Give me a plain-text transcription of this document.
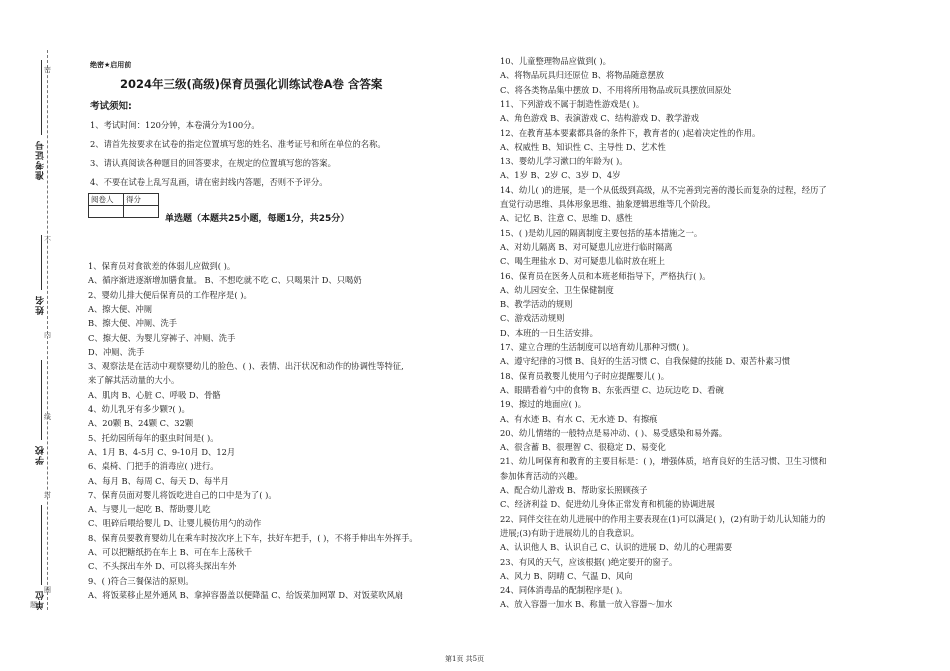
准考证号
姓名
学校
单位
密
不
内
线
封
圈
题
绝密★启用前
2024年三级(高级)保育员强化训练试卷A卷 含答案
考试须知:
1、考试时间：120分钟，本卷满分为100分。
2、请首先按要求在试卷的指定位置填写您的姓名、准考证号和所在单位的名称。
3、请认真阅读各种题目的回答要求，在规定的位置填写您的答案。
4、不要在试卷上乱写乱画，请在密封线内答题，否则不予评分。
阅卷人	得分

单选题（本题共25小题，每题1分，共25分）
1、保育员对食欲差的体弱儿应做到( )。
A、循序渐进逐渐增加膳食量。 B、不想吃就不吃 C、只喝果汁 D、只喝奶
2、婴幼儿排大便后保育员的工作程序是( )。
A、擦大便、冲厕
B、擦大便、冲厕、洗手
C、擦大便、为婴儿穿裤子、冲厕、洗手
D、冲厕、洗手
3、观察法是在活动中观察婴幼儿的脸色、( )、表情、出汗状况和动作的协调性等特征,
来了解其活动量的大小。
A、肌肉 B、心脏 C、呼吸 D、骨骼
4、幼儿乳牙有多少颗?( )。
A、20颗 B、24颗 C、32颗
5、托幼园所每年的驱虫时间是( )。
A、1月 B、4-5月 C、9-10月 D、12月
6、桌椅、门把手的消毒应( )进行。
A、每月 B、每周 C、每天 D、每半月
7、保育员面对婴儿将饭吃进自己的口中是为了( )。
A、与婴儿一起吃 B、帮助婴儿吃
C、咀碎后喂给婴儿 D、让婴儿模仿用勺的动作
8、保育员要教育婴幼儿在乘车时按次序上下车，扶好车把手，( )，不将手伸出车外挥手。
A、可以把糖纸扔在车上 B、可在车上荡秋千
C、不头探出车外 D、可以将头探出车外
9、( )符合三餐保洁的原则。
A、将饭菜移止屋外通风 B、拿掉容器盖以便降温 C、给饭菜加网罩 D、对饭菜吹风扇
10、儿童整理物品应做到( )。
A、将物品玩具归还原位 B、将物品随意摆放
C、将各类物品集中摆放 D、不用将所用物品或玩具摆放回原处
11、下列游戏不属于制造性游戏是( )。
A、角色游戏 B、表演游戏 C、结构游戏 D、教学游戏
12、在教育基本要素都具备的条件下，教育者的( )起着决定性的作用。
A、权威性 B、知识性 C、主导性 D、艺术性
13、婴幼儿学习漱口的年龄为( )。
A、1岁 B、2岁 C、3岁 D、4岁
14、幼儿( )的进展，是一个从低级到高级，从不完善到完善的漫长而复杂的过程，经历了
直觉行动思维、具体形象思维、抽象逻辑思维等几个阶段。
A、记忆 B、注意 C、思维 D、感性
15、( )是幼儿园的隔离制度主要包括的基本措施之一。
A、对幼儿隔离 B、对可疑患儿应进行临时隔离
C、喝生理盐水 D、对可疑患儿临时放在班上
16、保育员在医务人员和本班老师指导下，严格执行( )。
A、幼儿园安全、卫生保健制度
B、教学活动的规则
C、游戏活动规则
D、本班的一日生活安排。
17、建立合理的生活制度可以培育幼儿那种习惯( )。
A、遵守纪律的习惯 B、良好的生活习惯 C、自我保健的技能 D、艰苦朴素习惯
18、保育员教婴儿使用勺子时应提醒婴儿( )。
A、眼睛看着勺中的食物 B、东张西望 C、边玩边吃 D、看碗
19、擦过的地面应( )。
A、有水迹 B、有水 C、无水迹 D、有擦痕
20、幼儿情绪的一般特点是易冲动、( )、易受感染和易外露。
A、很含蓄 B、很理智 C、很稳定 D、易变化
21、幼儿呵保育和教育的主要目标是：( )，增强体质，培育良好的生活习惯、卫生习惯和
参加体育活动的兴趣。
A、配合幼儿游戏 B、帮助家长照顾孩子
C、经济利益 D、促进幼儿身体正常发育和机能的协调进展
22、同伴交往在幼儿进展中的作用主要表现在(1)可以满足( )，(2)有助于幼儿认知能力的
进展;(3)有助于进展幼儿的自我意识。
A、认识他人 B、认识自己 C、认识的进展 D、幼儿的心理需要
23、有风的天气，应该根据( )绝定要开的窗子。
A、风力 B、阴晴 C、气温 D、风向
24、同体消毒品的配制程序是( )。
A、放入容器一加水 B、称量一放入容器～加水
第1页 共5页
